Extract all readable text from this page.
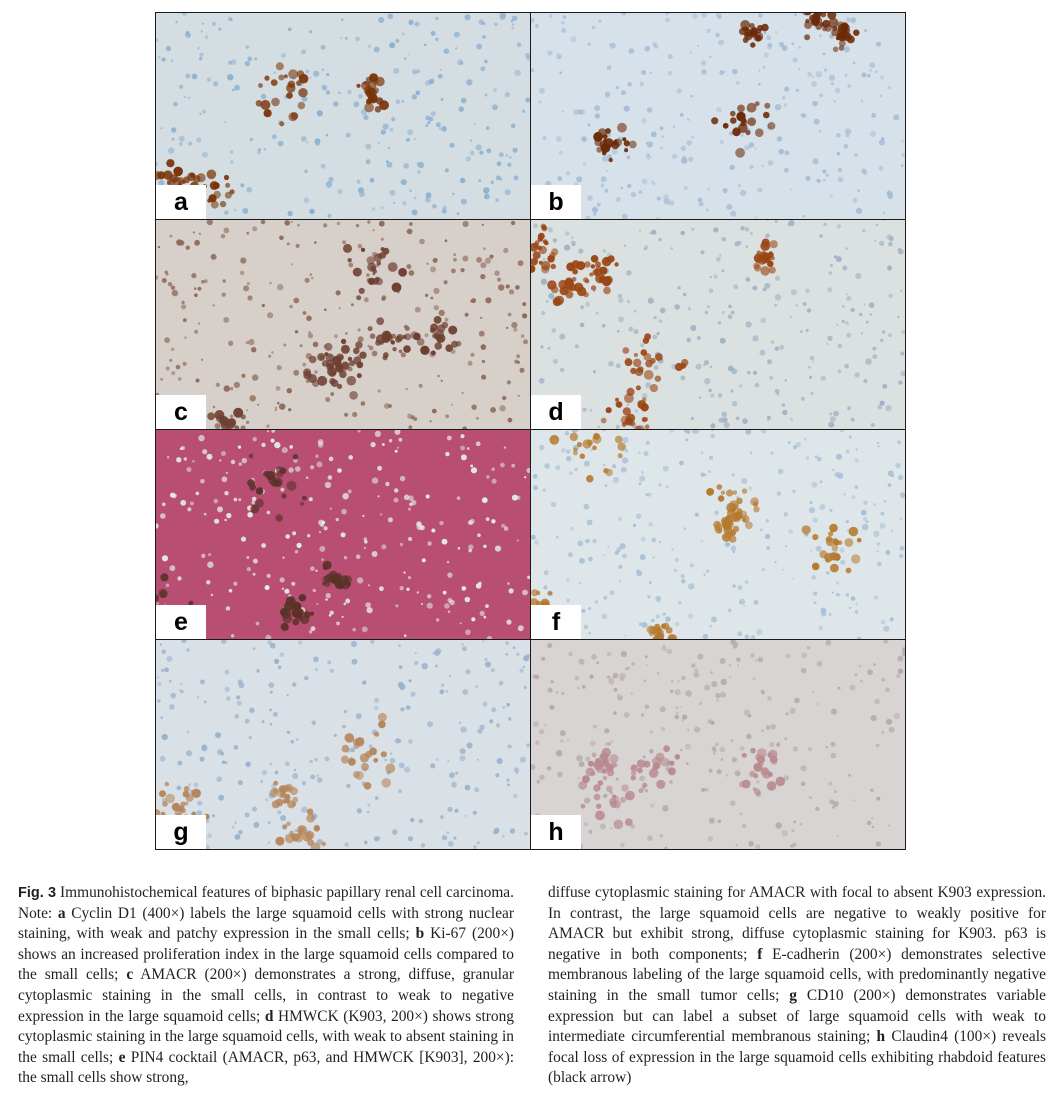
a	b
c	d
e	f
g	h
Fig. 3 Immunohistochemical features of biphasic papillary renal cell carcinoma. Note: a Cyclin D1 (400×) labels the large squamoid cells with strong nuclear staining, with weak and patchy expression in the small cells; b Ki-67 (200×) shows an increased proliferation index in the large squamoid cells compared to the small cells; c AMACR (200×) demonstrates a strong, diffuse, granular cytoplasmic staining in the small cells, in contrast to weak to negative expression in the large squamoid cells; d HMWCK (K903, 200×) shows strong cytoplasmic staining in the large squamoid cells, with weak to absent staining in the small cells; e PIN4 cocktail (AMACR, p63, and HMWCK [K903], 200×): the small cells show strong,
diffuse cytoplasmic staining for AMACR with focal to absent K903 expression. In contrast, the large squamoid cells are negative to weakly positive for AMACR but exhibit strong, diffuse cytoplasmic staining for K903. p63 is negative in both components; f E-cadherin (200×) demonstrates selective membranous labeling of the large squamoid cells, with predominantly negative staining in the small tumor cells; g CD10 (200×) demonstrates variable expression but can label a subset of large squamoid cells with weak to intermediate circumferential membranous staining; h Claudin4 (100×) reveals focal loss of expression in the large squamoid cells exhibiting rhabdoid features (black arrow)
